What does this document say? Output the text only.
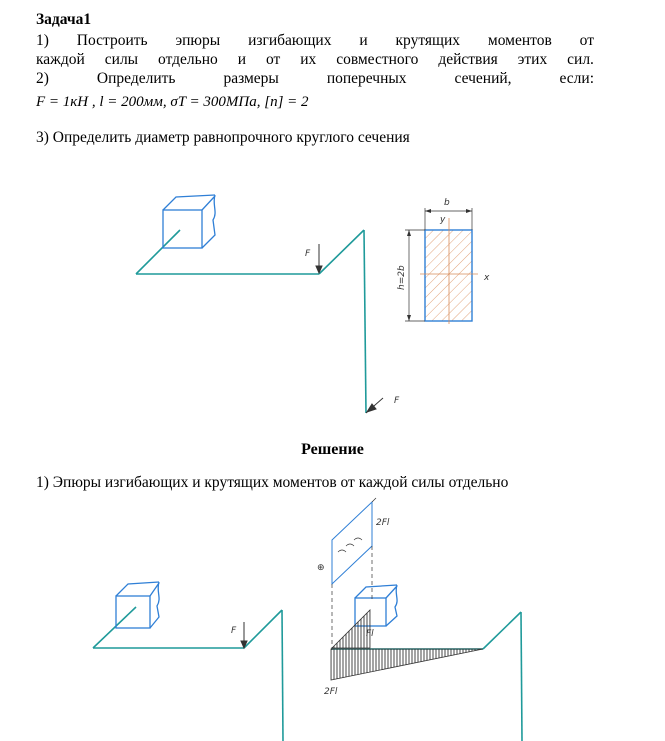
Задача1
1) Построить эпюры изгибающих и крутящих моментов от
каждой силы отдельно и от их совместного действия этих сил.
2)	Определить	размеры	поперечных	сечений,	если:
F = 1кН , l = 200мм, σT = 300МПа, [n] = 2
3) Определить диаметр равнопрочного круглого сечения
F
F
b
y
x
h=2b
Решение
1) Эпюры изгибающих и крутящих моментов от каждой силы отдельно
F
2Fl
⊕
Fl
2Fl
